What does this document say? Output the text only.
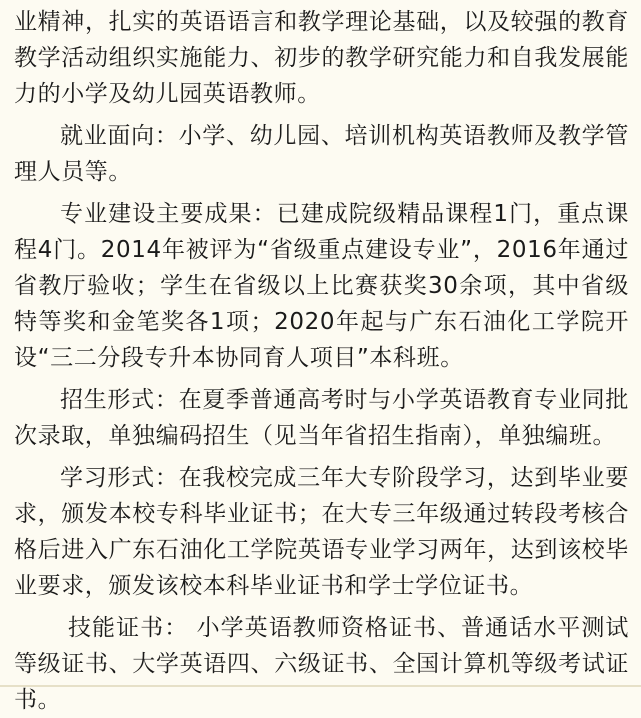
业精神，扎实的英语语言和教学理论基础，以及较强的教育教学活动组织实施能力、初步的教学研究能力和自我发展能力的小学及幼儿园英语教师。

就业面向：小学、幼儿园、培训机构英语教师及教学管理人员等。

专业建设主要成果：已建成院级精品课程1门，重点课程4门。2014年被评为“省级重点建设专业”，2016年通过省教厅验收；学生在省级以上比赛获奖30余项，其中省级特等奖和金笔奖各1项；2020年起与广东石油化工学院开设“三二分段专升本协同育人项目”本科班。

招生形式：在夏季普通高考时与小学英语教育专业同批次录取，单独编码招生（见当年省招生指南），单独编班。

学习形式：在我校完成三年大专阶段学习，达到毕业要求，颁发本校专科毕业证书；在大专三年级通过转段考核合格后进入广东石油化工学院英语专业学习两年，达到该校毕业要求，颁发该校本科毕业证书和学士学位证书。

技能证书： 小学英语教师资格证书、普通话水平测试等级证书、大学英语四、六级证书、全国计算机等级考试证书。
